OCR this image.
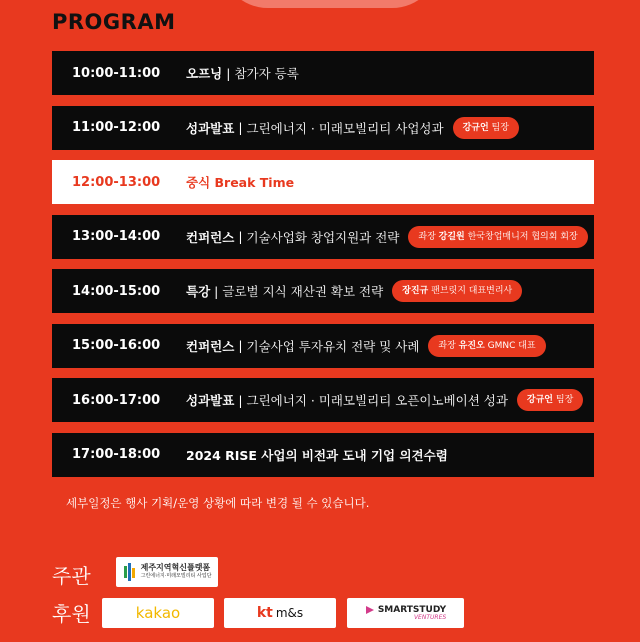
PROGRAM
10:00-11:00	오프닝 | 참가자 등록
11:00-12:00	성과발표 | 그린에너지 · 미래모빌리티 사업성과	강규언 팀장
12:00-13:00	중식 Break Time
13:00-14:00	컨퍼런스 | 기술사업화 창업지원과 전략	좌장 강길원 한국창업매니저 협의회 회장
14:00-15:00	특강 | 글로벌 지식 재산권 확보 전략	장진규 팬브릿지 대표변리사
15:00-16:00	컨퍼런스 | 기술사업 투자유치 전략 및 사례	좌장 유진오 GMNC 대표
16:00-17:00	성과발표 | 그린에너지 · 미래모빌리티 오픈이노베이션 성과	강규언 팀장
17:00-18:00	2024 RISE 사업의 비전과 도내 기업 의견수렴
세부일정은 행사 기획/운영 상황에 따라 변경 될 수 있습니다.
주관	제주지역혁신플랫폼
그린에너지·미래모빌리티 사업단
후원	kakao	kt m&s	SMARTSTUDY
VENTURES
